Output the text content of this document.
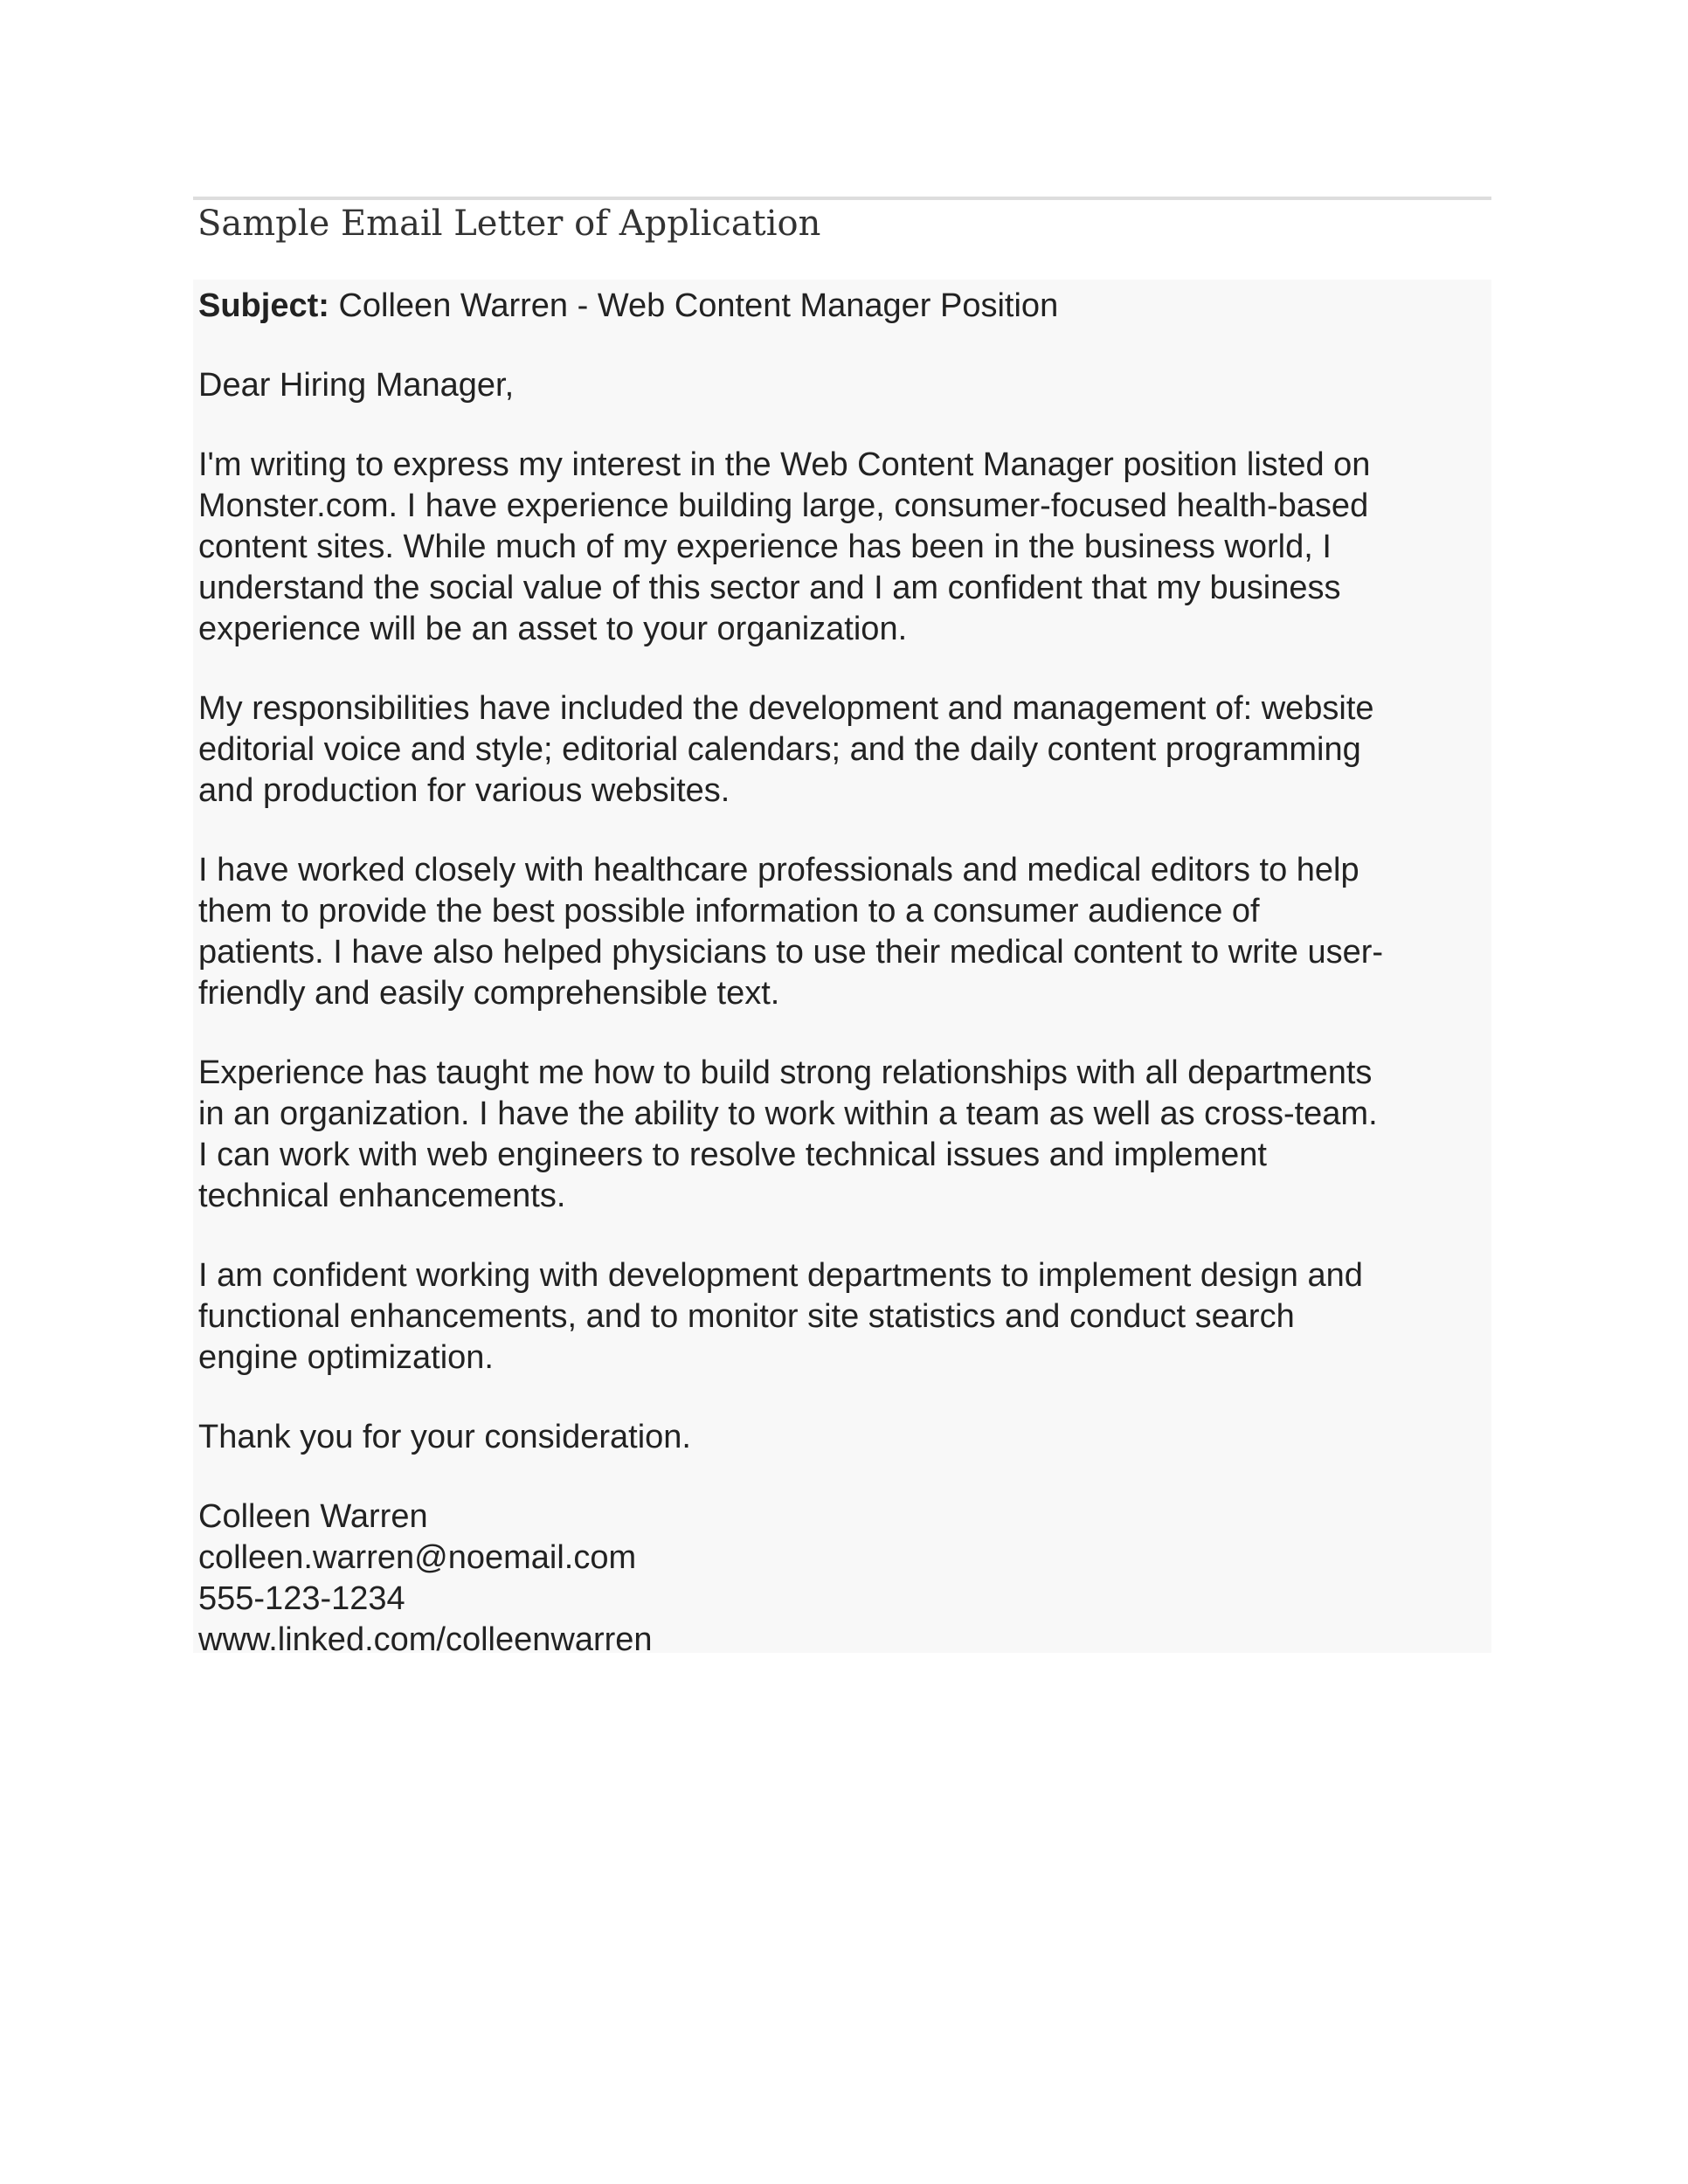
Sample Email Letter of Application
Subject: Colleen Warren - Web Content Manager Position
Dear Hiring Manager,
I'm writing to express my interest in the Web Content Manager position listed on
Monster.com. I have experience building large, consumer-focused health-based
content sites. While much of my experience has been in the business world, I
understand the social value of this sector and I am confident that my business
experience will be an asset to your organization.
My responsibilities have included the development and management of: website
editorial voice and style; editorial calendars; and the daily content programming
and production for various websites.
I have worked closely with healthcare professionals and medical editors to help
them to provide the best possible information to a consumer audience of
patients. I have also helped physicians to use their medical content to write user-
friendly and easily comprehensible text.
Experience has taught me how to build strong relationships with all departments
in an organization. I have the ability to work within a team as well as cross-team.
I can work with web engineers to resolve technical issues and implement
technical enhancements.
I am confident working with development departments to implement design and
functional enhancements, and to monitor site statistics and conduct search
engine optimization.
Thank you for your consideration.
Colleen Warren
colleen.warren@noemail.com
555-123-1234
www.linked.com/colleenwarren
